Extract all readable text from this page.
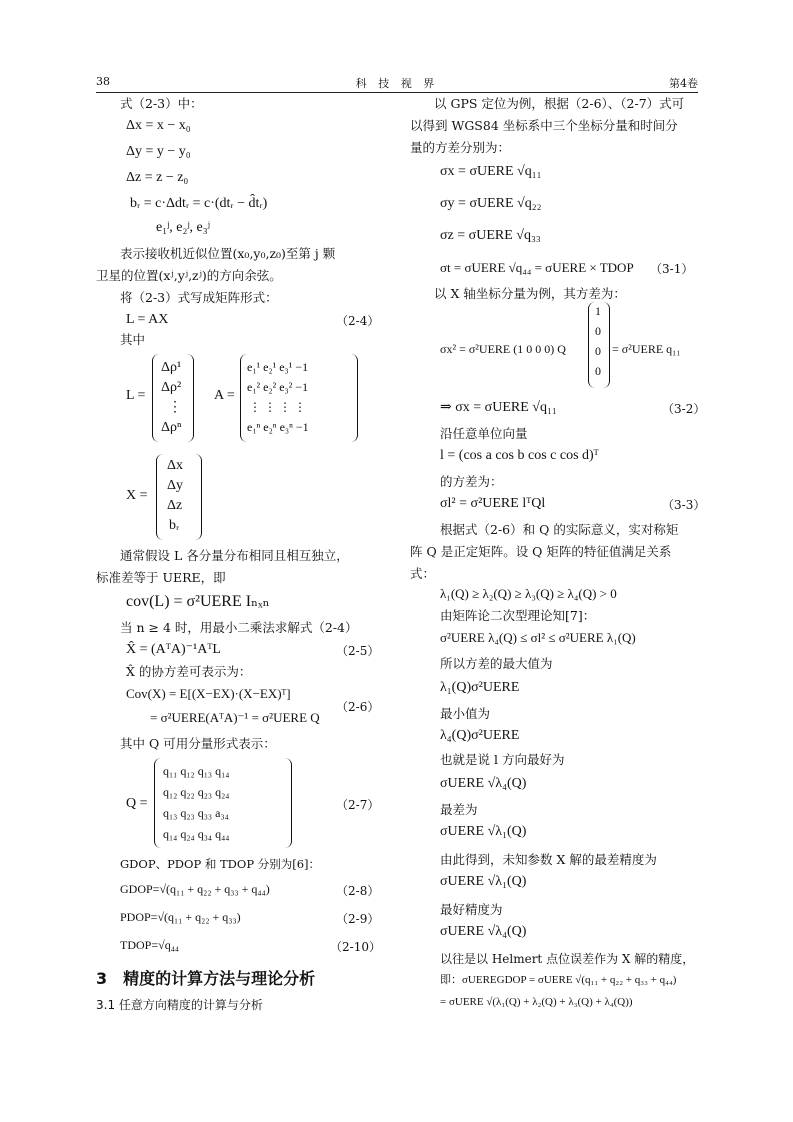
38	科 技 视 界	第4卷
式（2-3）中：
Δx = x − x₀
Δy = y − y₀
Δz = z − z₀
bᵣ = c·Δdtᵣ = c·(dtᵣ − d̂tᵣ)
e₁ʲ, e₂ʲ, e₃ʲ
表示接收机近似位置(x₀,y₀,z₀)至第 j 颗
卫星的位置(xʲ,yʲ,zʲ)的方向余弦。
将（2-3）式写成矩阵形式：
L = AX	（2-4）
其中
L =
Δρ¹
Δρ²
⋮
Δρⁿ
A =
e₁¹ e₂¹ e₃¹ −1
e₁² e₂² e₃² −1
⋮ ⋮ ⋮ ⋮
e₁ⁿ e₂ⁿ e₃ⁿ −1
X =
Δx
Δy
Δz
bᵣ
通常假设 L 各分量分布相同且相互独立，
标准差等于 UERE，即
cov(L) = σ²UERE Iₙₓₙ
当 n ≥ 4 时，用最小二乘法求解式（2-4）
X̂ = (AᵀA)⁻¹AᵀL	（2-5）
X̂ 的协方差可表示为：
Cov(X) = E[(X−EX)·(X−EX)ᵀ]
= σ²UERE(AᵀA)⁻¹ = σ²UERE Q
（2-6）
其中 Q 可用分量形式表示：
Q =
q₁₁ q₁₂ q₁₃ q₁₄
q₁₂ q₂₂ q₂₃ q₂₄
q₁₃ q₂₃ q₃₃ a₃₄
q₁₄ q₂₄ q₃₄ q₄₄
（2-7）
GDOP、PDOP 和 TDOP 分别为[6]：
GDOP=√(q₁₁ + q₂₂ + q₃₃ + q₄₄)	（2-8）
PDOP=√(q₁₁ + q₂₂ + q₃₃)	（2-9）
TDOP=√q₄₄	（2-10）
3　精度的计算方法与理论分析
3.1 任意方向精度的计算与分析
以 GPS 定位为例，根据（2-6）、（2-7）式可
以得到 WGS84 坐标系中三个坐标分量和时间分
量的方差分别为：
σx = σUERE √q₁₁
σy = σUERE √q₂₂
σz = σUERE √q₃₃
σt = σUERE √q₄₄ = σUERE × TDOP （3-1）
以 X 轴坐标分量为例，其方差为：
σx² = σ²UERE (1 0 0 0) Q
1
0
0
0
= σ²UERE q₁₁
⇒ σx = σUERE √q₁₁	（3-2）
沿任意单位向量
l = (cos a cos b cos c cos d)ᵀ
的方差为：
σl² = σ²UERE lᵀQl	（3-3）
根据式（2-6）和 Q 的实际意义，实对称矩
阵 Q 是正定矩阵。设 Q 矩阵的特征值满足关系
式：
λ₁(Q) ≥ λ₂(Q) ≥ λ₃(Q) ≥ λ₄(Q) > 0
由矩阵论二次型理论知[7]：
σ²UERE λ₄(Q) ≤ σl² ≤ σ²UERE λ₁(Q)
所以方差的最大值为
λ₁(Q)σ²UERE
最小值为
λ₄(Q)σ²UERE
也就是说 l 方向最好为
σUERE √λ₄(Q)
最差为
σUERE √λ₁(Q)
由此得到，未知参数 X 解的最差精度为
σUERE √λ₁(Q)
最好精度为
σUERE √λ₄(Q)
以往是以 Helmert 点位误差作为 X 解的精度，
即：σUEREGDOP = σUERE √(q₁₁ + q₂₂ + q₃₃ + q₄₄)
= σUERE √(λ₁(Q) + λ₂(Q) + λ₃(Q) + λ₄(Q))
